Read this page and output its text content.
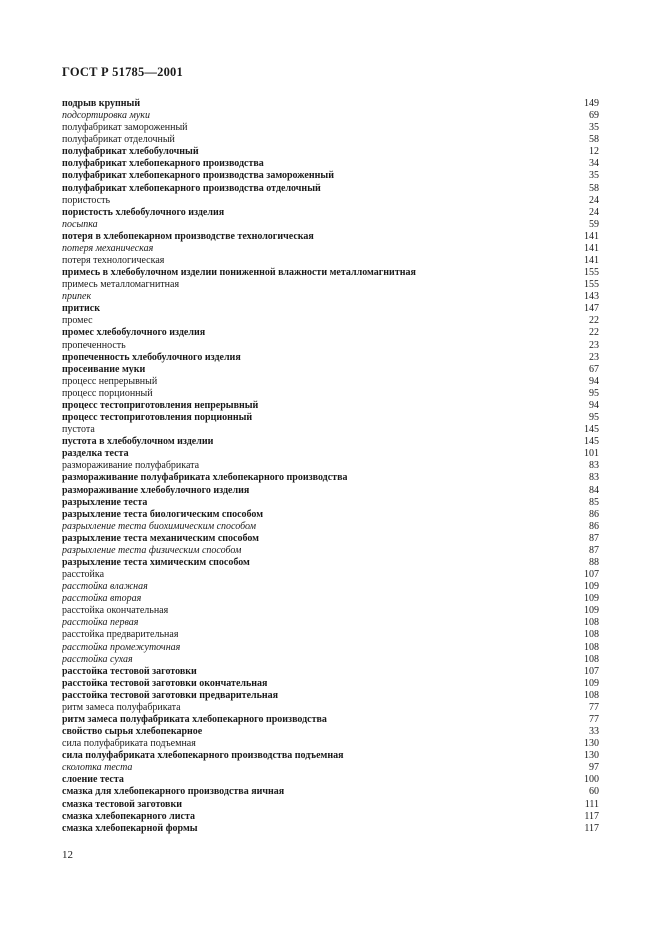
ГОСТ Р 51785—2001
подрыв крупный	149
подсортировка муки	69
полуфабрикат замороженный	35
полуфабрикат отделочный	58
полуфабрикат хлебобулочный	12
полуфабрикат хлебопекарного производства	34
полуфабрикат хлебопекарного производства замороженный	35
полуфабрикат хлебопекарного производства отделочный	58
пористость	24
пористость хлебобулочного изделия	24
посыпка	59
потеря в хлебопекарном производстве технологическая	141
потеря механическая	141
потеря технологическая	141
примесь в хлебобулочном изделии пониженной влажности металломагнитная	155
примесь металломагнитная	155
припек	143
притиск	147
промес	22
промес хлебобулочного изделия	22
пропеченность	23
пропеченность хлебобулочного изделия	23
просеивание муки	67
процесс непрерывный	94
процесс порционный	95
процесс тестоприготовления непрерывный	94
процесс тестоприготовления порционный	95
пустота	145
пустота в хлебобулочном изделии	145
разделка теста	101
размораживание полуфабриката	83
размораживание полуфабриката хлебопекарного производства	83
размораживание хлебобулочного изделия	84
разрыхление теста	85
разрыхление теста биологическим способом	86
разрыхление теста биохимическим способом	86
разрыхление теста механическим способом	87
разрыхление теста физическим способом	87
разрыхление теста химическим способом	88
расстойка	107
расстойка влажная	109
расстойка вторая	109
расстойка окончательная	109
расстойка первая	108
расстойка предварительная	108
расстойка промежуточная	108
расстойка сухая	108
расстойка тестовой заготовки	107
расстойка тестовой заготовки окончательная	109
расстойка тестовой заготовки предварительная	108
ритм замеса полуфабриката	77
ритм замеса полуфабриката хлебопекарного производства	77
свойство сырья хлебопекарное	33
сила полуфабриката подъемная	130
сила полуфабриката хлебопекарного производства подъемная	130
сколотка теста	97
слоение теста	100
смазка для хлебопекарного производства яичная	60
смазка тестовой заготовки	111
смазка хлебопекарного листа	117
смазка хлебопекарной формы	117
12
